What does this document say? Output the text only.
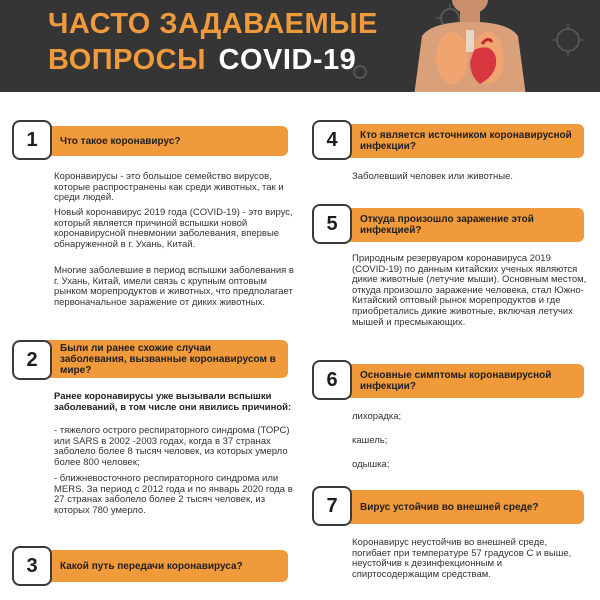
ЧАСТО ЗАДАВАЕМЫЕ
ВОПРОСЫ COVID-19
1	Что такое коронавирус?
Коронавирусы - это большое семейство вирусов, которые распространены как среди животных, так и среди людей.
Новый коронавирус 2019 года (COVID-19) - это вирус, который является причиной вспышки новой коронавирусной пневмонии заболевания, впервые обнаруженной в г. Ухань, Китай.
Многие заболевшие в период вспышки заболевания в г. Ухань, Китай, имели связь с крупным оптовым рынком морепродуктов и животных, что предполагает первоначальное заражение от диких животных.
2
Были ли ранее схожие случаи заболевания, вызванные коронавирусом в мире?
Ранее коронавирусы уже вызывали вспышки заболеваний, в том числе они явились причиной:
- тяжелого острого респираторного синдрома (ТОРС) или SARS в 2002 -2003 годах, когда в 37 странах заболело более 8 тысяч человек, из которых умерло более 800 человек;
- ближневосточного респираторного синдрома или MERS. За период с 2012 года и по январь 2020 года в 27 странах заболело более 2 тысяч человек, из которых 780 умерло.
3	Какой путь передачи коронавируса?
4	Кто является источником коронавирусной инфекции?
Заболевший человек или животные.
5	Откуда произошло заражение этой инфекцией?
Природным резервуаром коронавируса 2019 (COVID-19) по данным китайских ученых являются дикие животные (летучие мыши). Основным местом, откуда произошло заражение человека, стал Южно-Китайский оптовый рынок морепродуктов и где приобретались дикие животные, включая летучих мышей и пресмыкающих.
6	Основные симптомы коронавирусной инфекции?
лихорадка;
кашель;
одышка;
7	Вирус устойчив во внешней среде?
Коронавирус неустойчив во внешней среде, погибает при температуре 57 градусов С и выше, неустойчив к дезинфекционным и спиртосодержащим средствам.
